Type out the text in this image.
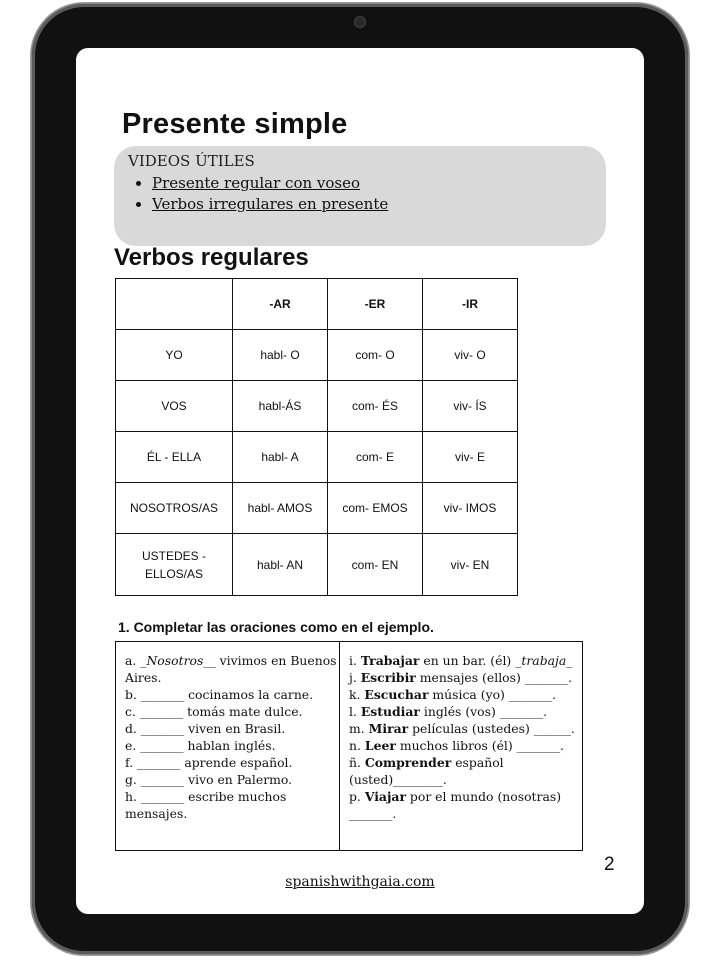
Presente simple
VIDEOS ÚTILES
• Presente regular con voseo
• Verbos irregulares en presente
Verbos regulares
	-AR	-ER	-IR
YO	habl- O	com- O	viv- O
VOS	habl-ÁS	com- ÉS	viv- ÍS
ÉL - ELLA	habl- A	com- E	viv- E
NOSOTROS/AS	habl- AMOS	com- EMOS	viv- IMOS
USTEDES - ELLOS/AS	habl- AN	com- EN	viv- EN
1. Completar las oraciones como en el ejemplo.
a. _Nosotros__ vivimos en Buenos Aires.
b. _______ cocinamos la carne.
c. _______ tomás mate dulce.
d. _______ viven en Brasil.
e. _______ hablan inglés.
f. _______ aprende español.
g. _______ vivo en Palermo.
h. _______ escribe muchos mensajes.
i. Trabajar en un bar. (él) _trabaja_
j. Escribir mensajes (ellos) _______.
k. Escuchar música (yo) _______.
l. Estudiar inglés (vos) _______.
m. Mirar películas (ustedes) ______.
n. Leer muchos libros (él) _______.
ñ. Comprender español (usted)________.
p. Viajar por el mundo (nosotras) _______.
2
spanishwithgaia.com
